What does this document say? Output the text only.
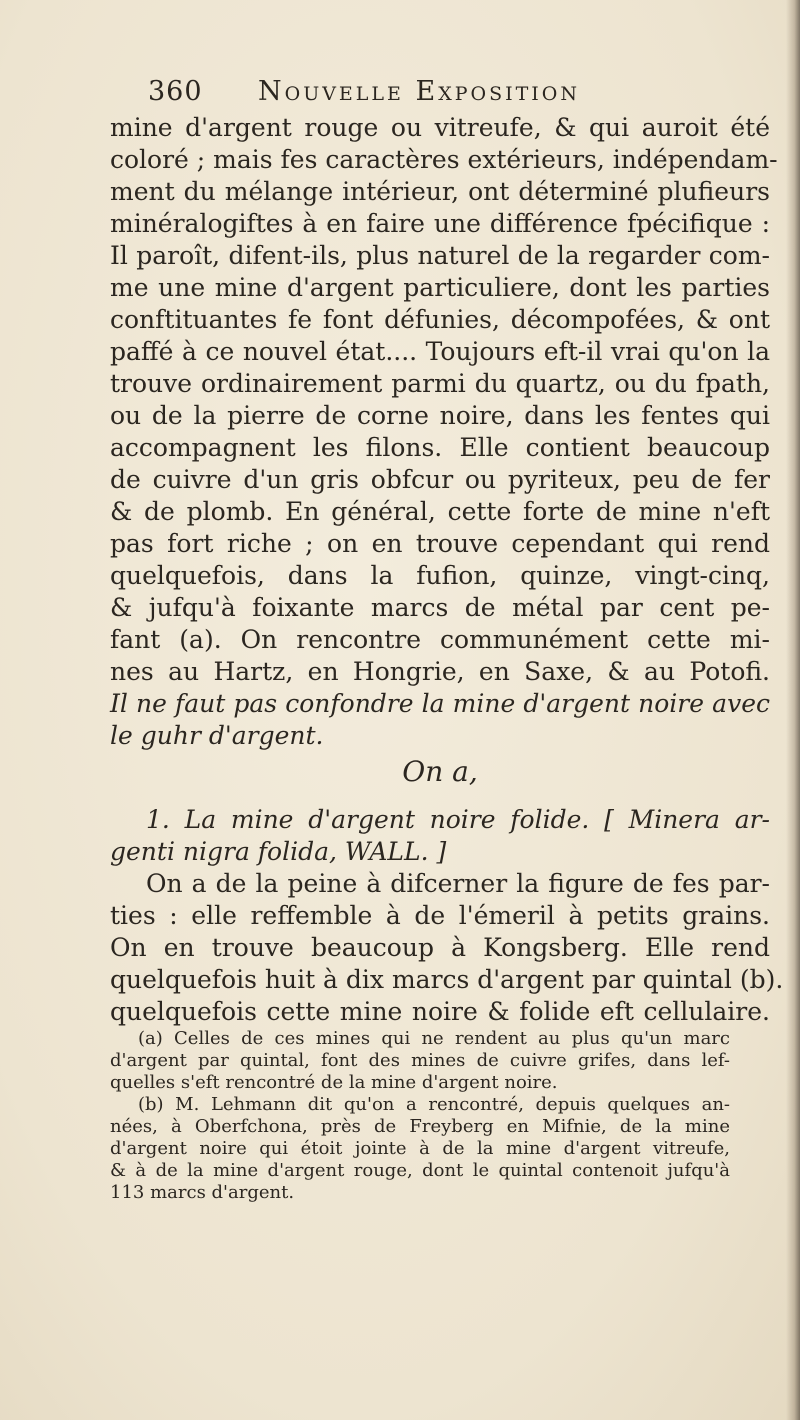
360 Nouvelle Exposition
mine d'argent rouge ou vitreufe, & qui auroit été
coloré ; mais fes caractères extérieurs, indépendam-
ment du mélange intérieur, ont déterminé plufieurs
minéralogiftes à en faire une différence fpécifique :
Il paroît, difent-ils, plus naturel de la regarder com-
me une mine d'argent particuliere, dont les parties
conftituantes fe font défunies, décompofées, & ont
paffé à ce nouvel état.... Toujours eft-il vrai qu'on la
trouve ordinairement parmi du quartz, ou du fpath,
ou de la pierre de corne noire, dans les fentes qui
accompagnent les filons. Elle contient beaucoup
de cuivre d'un gris obfcur ou pyriteux, peu de fer
& de plomb. En général, cette forte de mine n'eft
pas fort riche ; on en trouve cependant qui rend
quelquefois, dans la fufion, quinze, vingt-cinq,
& jufqu'à foixante marcs de métal par cent pe-
fant (a). On rencontre communément cette mi-
nes au Hartz, en Hongrie, en Saxe, & au Potofi.
Il ne faut pas confondre la mine d'argent noire avec
le guhr d'argent.
On a,
1. La mine d'argent noire folide. [ Minera ar-
genti nigra folida, WALL. ]
On a de la peine à difcerner la figure de fes par-
ties : elle reffemble à de l'émeril à petits grains.
On en trouve beaucoup à Kongsberg. Elle rend
quelquefois huit à dix marcs d'argent par quintal (b).
quelquefois cette mine noire & folide eft cellulaire.
(a) Celles de ces mines qui ne rendent au plus qu'un marc
d'argent par quintal, font des mines de cuivre grifes, dans lef-
quelles s'eft rencontré de la mine d'argent noire.
(b) M. Lehmann dit qu'on a rencontré, depuis quelques an-
nées, à Oberfchona, près de Freyberg en Mifnie, de la mine
d'argent noire qui étoit jointe à de la mine d'argent vitreufe,
& à de la mine d'argent rouge, dont le quintal contenoit jufqu'à
113 marcs d'argent.
